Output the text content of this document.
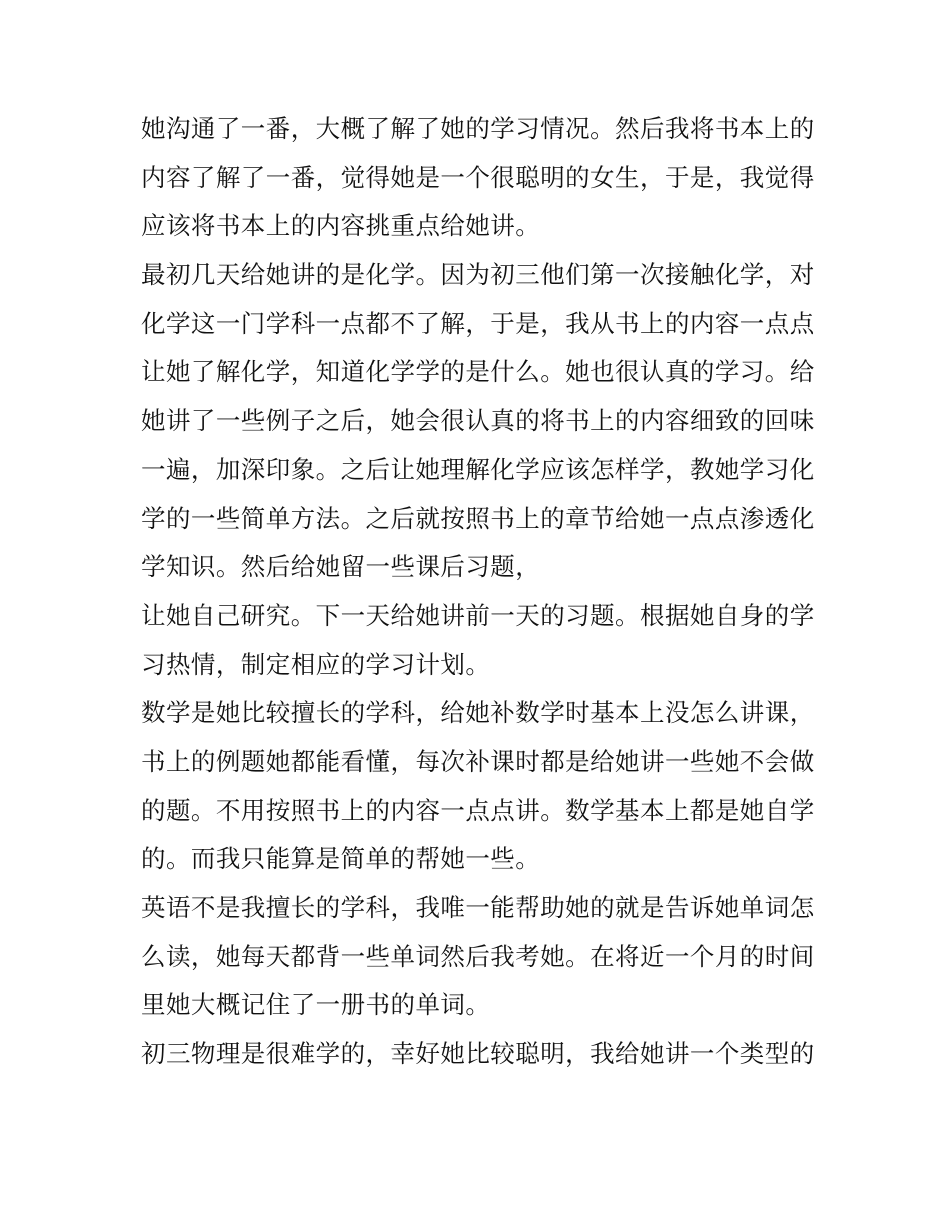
她沟通了一番，大概了解了她的学习情况。然后我将书本上的
内容了解了一番，觉得她是一个很聪明的女生，于是，我觉得
应该将书本上的内容挑重点给她讲。
最初几天给她讲的是化学。因为初三他们第一次接触化学，对
化学这一门学科一点都不了解，于是，我从书上的内容一点点
让她了解化学，知道化学学的是什么。她也很认真的学习。给
她讲了一些例子之后，她会很认真的将书上的内容细致的回味
一遍，加深印象。之后让她理解化学应该怎样学，教她学习化
学的一些简单方法。之后就按照书上的章节给她一点点渗透化
学知识。然后给她留一些课后习题，
让她自己研究。下一天给她讲前一天的习题。根据她自身的学
习热情，制定相应的学习计划。
数学是她比较擅长的学科，给她补数学时基本上没怎么讲课，
书上的例题她都能看懂，每次补课时都是给她讲一些她不会做
的题。不用按照书上的内容一点点讲。数学基本上都是她自学
的。而我只能算是简单的帮她一些。
英语不是我擅长的学科，我唯一能帮助她的就是告诉她单词怎
么读，她每天都背一些单词然后我考她。在将近一个月的时间
里她大概记住了一册书的单词。
初三物理是很难学的，幸好她比较聪明，我给她讲一个类型的
